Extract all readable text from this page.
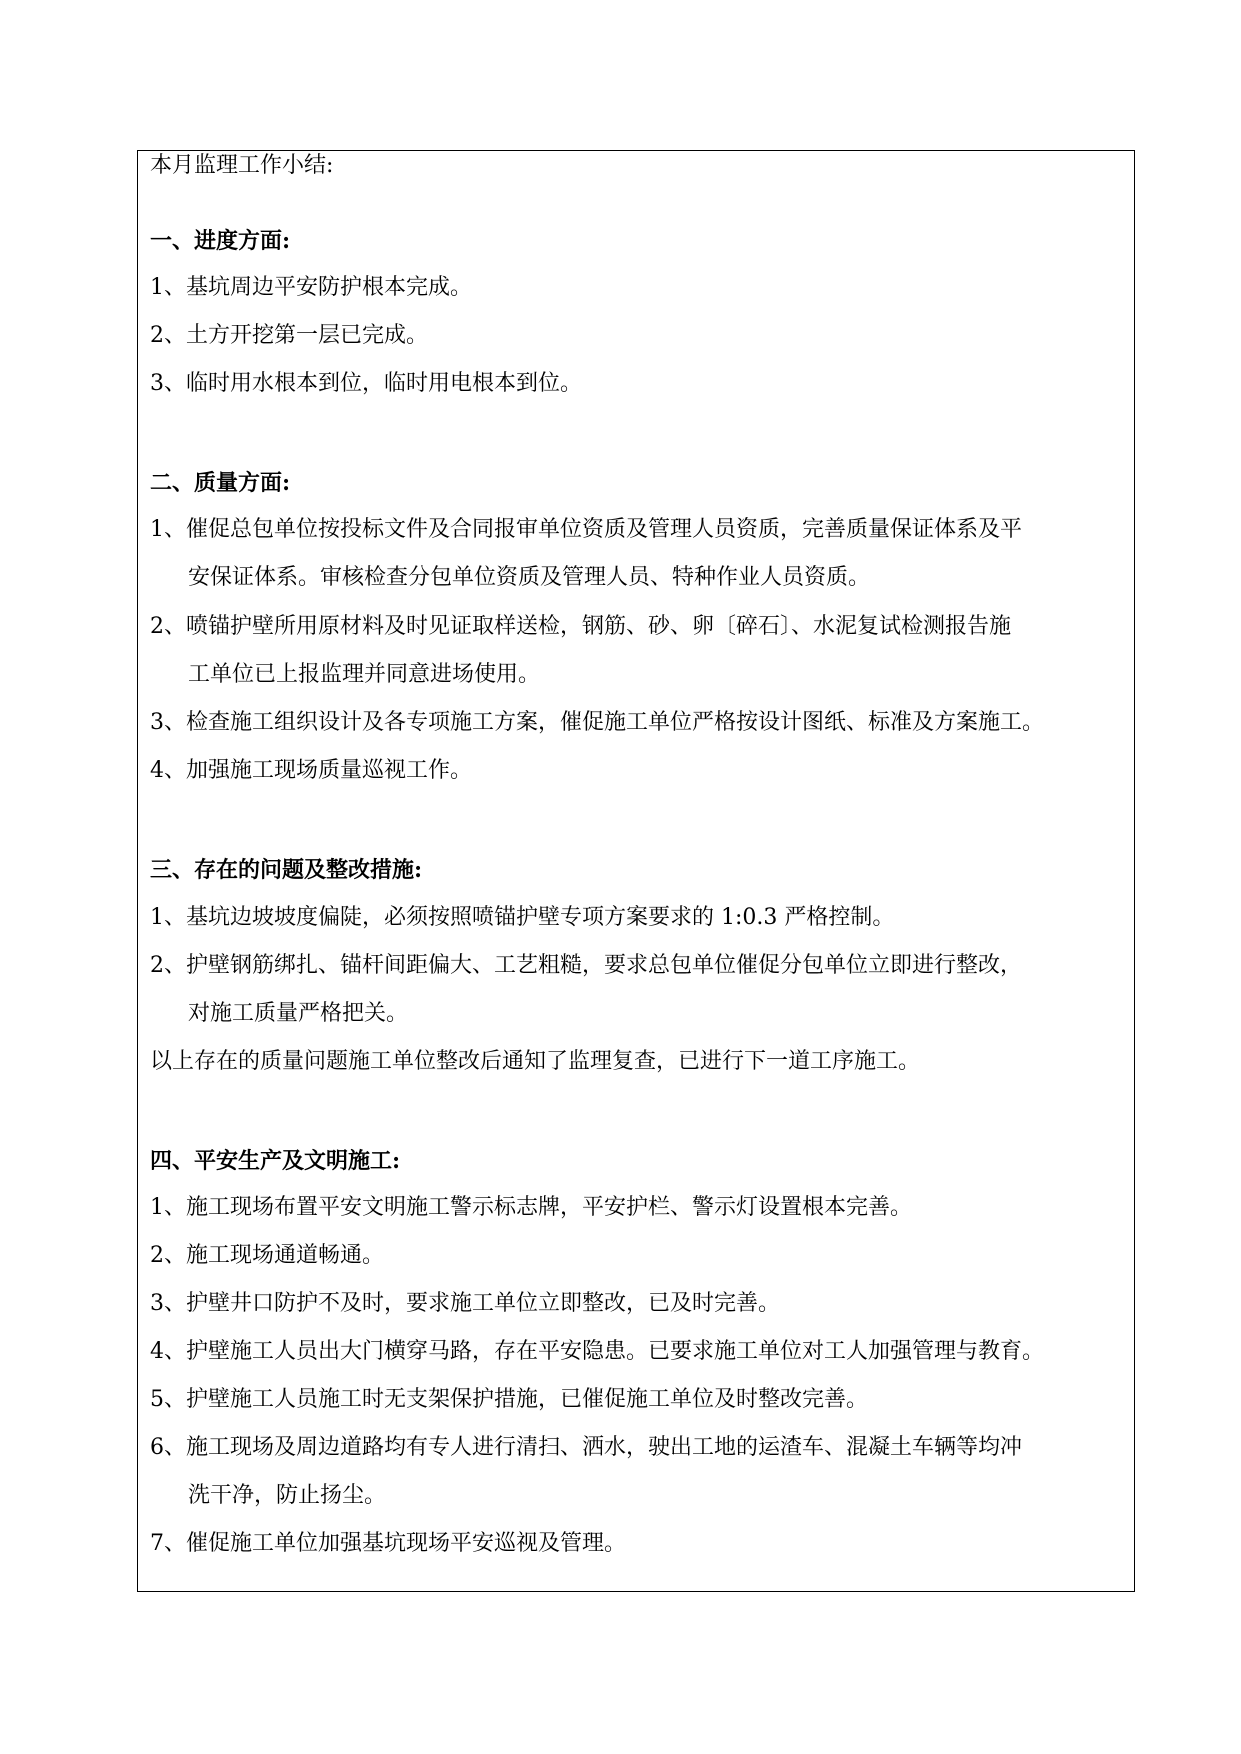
本月监理工作小结:
一、进度方面:
1、基坑周边平安防护根本完成。
2、土方开挖第一层已完成。
3、临时用水根本到位，临时用电根本到位。
二、质量方面:
1、催促总包单位按投标文件及合同报审单位资质及管理人员资质，完善质量保证体系及平
安保证体系。审核检查分包单位资质及管理人员、特种作业人员资质。
2、喷锚护壁所用原材料及时见证取样送检，钢筋、砂、卵〔碎石〕、水泥复试检测报告施
工单位已上报监理并同意进场使用。
3、检查施工组织设计及各专项施工方案，催促施工单位严格按设计图纸、标准及方案施工。
4、加强施工现场质量巡视工作。
三、存在的问题及整改措施:
1、基坑边坡坡度偏陡，必须按照喷锚护壁专项方案要求的 1:0.3 严格控制。
2、护壁钢筋绑扎、锚杆间距偏大、工艺粗糙，要求总包单位催促分包单位立即进行整改，
对施工质量严格把关。
以上存在的质量问题施工单位整改后通知了监理复查，已进行下一道工序施工。
四、平安生产及文明施工:
1、施工现场布置平安文明施工警示标志牌，平安护栏、警示灯设置根本完善。
2、施工现场通道畅通。
3、护壁井口防护不及时，要求施工单位立即整改，已及时完善。
4、护壁施工人员出大门横穿马路，存在平安隐患。已要求施工单位对工人加强管理与教育。
5、护壁施工人员施工时无支架保护措施，已催促施工单位及时整改完善。
6、施工现场及周边道路均有专人进行清扫、洒水，驶出工地的运渣车、混凝土车辆等均冲
洗干净，防止扬尘。
7、催促施工单位加强基坑现场平安巡视及管理。
